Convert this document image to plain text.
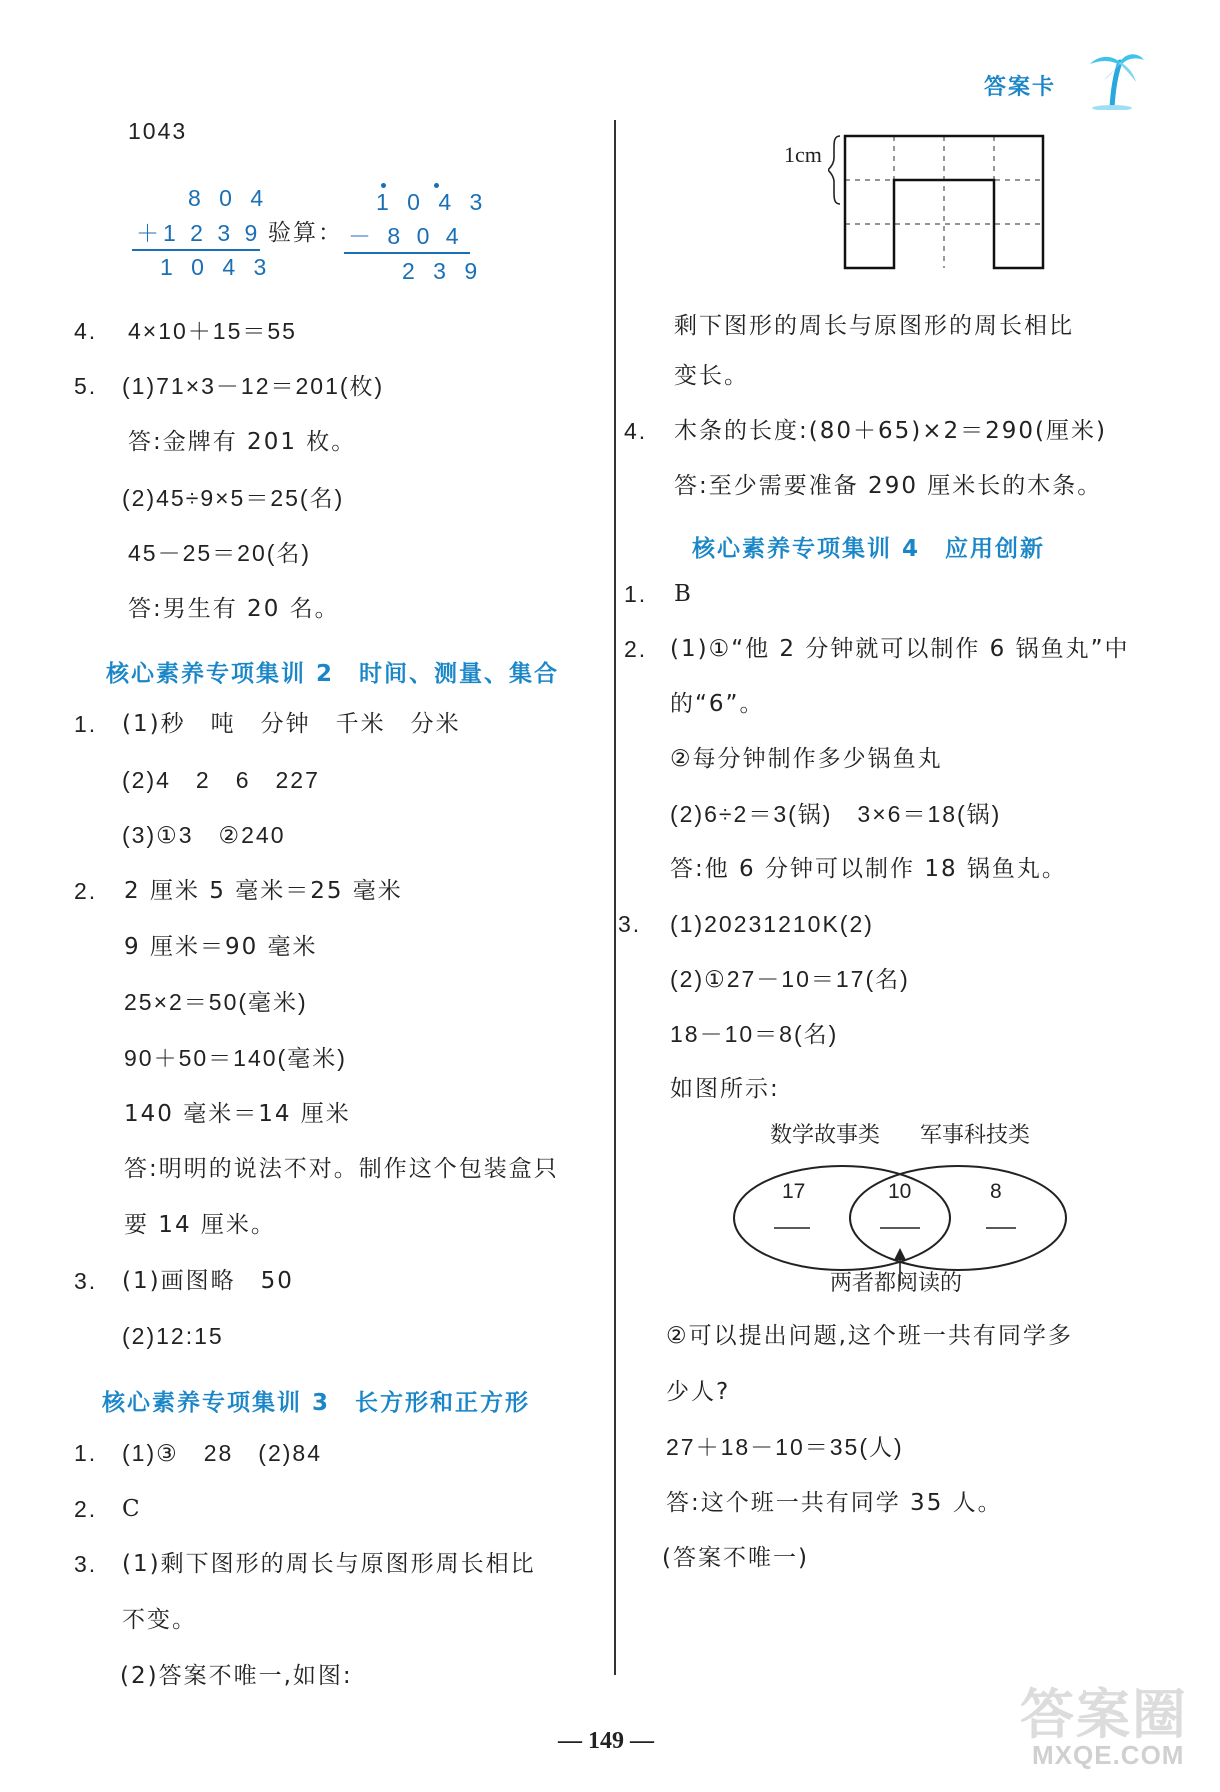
答案卡
1043
8 0 4
＋1 2 3 9
1 0 4 3
验算：
1 0 4 3
－ 8 0 4
2 3 9
4. 4×10＋15＝55
5. (1)71×3－12＝201(枚)
答:金牌有 201 枚。
(2)45÷9×5＝25(名)
45－25＝20(名)
答:男生有 20 名。
核心素养专项集训 2　时间、测量、集合
1. (1)秒　吨　分钟　千米　分米
(2)4　2　6　227
(3)①3　②240
2. 2 厘米 5 毫米＝25 毫米
9 厘米＝90 毫米
25×2＝50(毫米)
90＋50＝140(毫米)
140 毫米＝14 厘米
答:明明的说法不对。制作这个包装盒只
要 14 厘米。
3. (1)画图略　50
(2)12:15
核心素养专项集训 3　长方形和正方形
1. (1)③　28　(2)84
2. C
3. (1)剩下图形的周长与原图形周长相比
不变。
(2)答案不唯一,如图:
1cm
剩下图形的周长与原图形的周长相比
变长。
4. 木条的长度:(80＋65)×2＝290(厘米)
答:至少需要准备 290 厘米长的木条。
核心素养专项集训 4　应用创新
1. B
2. (1)①“他 2 分钟就可以制作 6 锅鱼丸”中
的“6”。
②每分钟制作多少锅鱼丸
(2)6÷2＝3(锅)　3×6＝18(锅)
答:他 6 分钟可以制作 18 锅鱼丸。
3. (1)20231210K(2)
(2)①27－10＝17(名)
18－10＝8(名)
如图所示:
数学故事类 军事科技类
17	10	8
两者都阅读的
②可以提出问题,这个班一共有同学多
少人?
27＋18－10＝35(人)
答:这个班一共有同学 35 人。
(答案不唯一)
— 149 —	答案圈
MXQE.COM
